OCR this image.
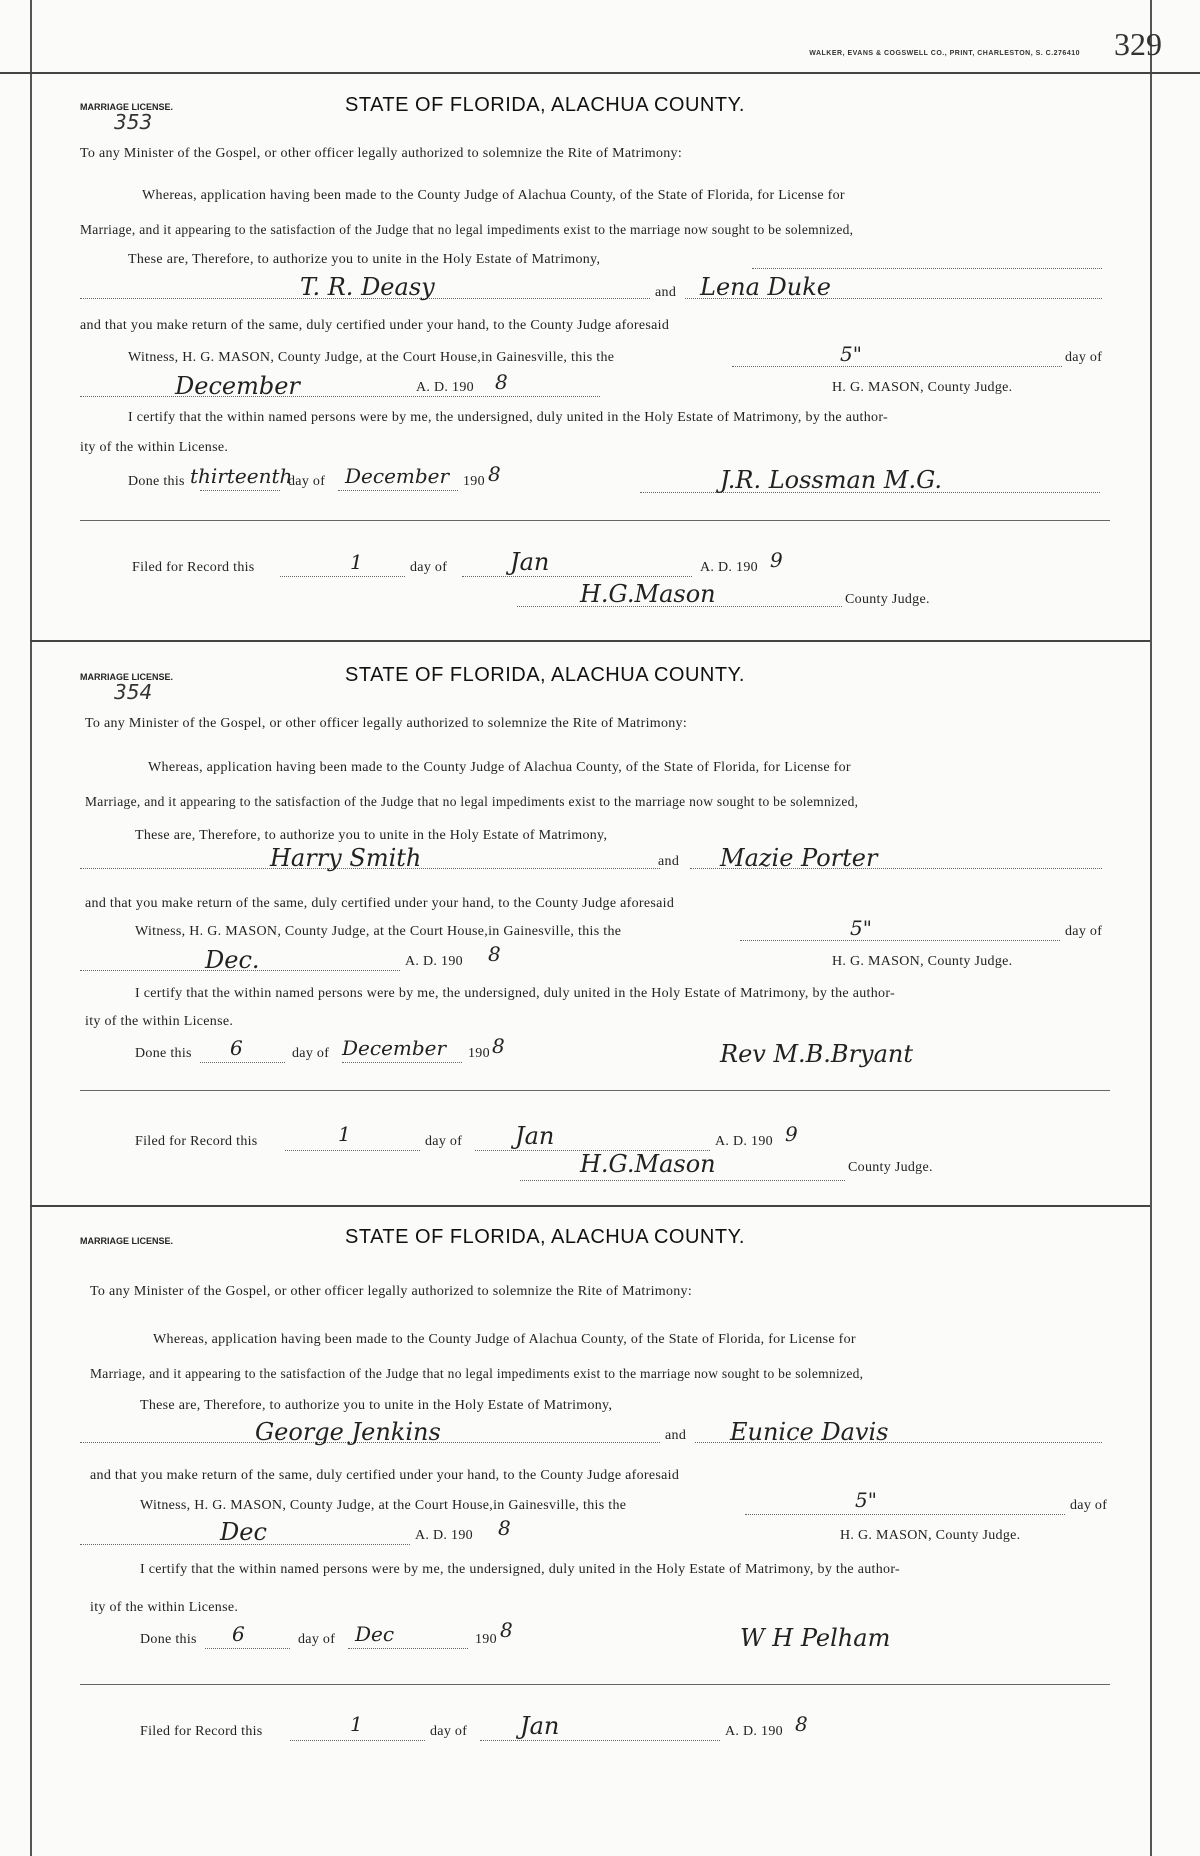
WALKER, EVANS & COGSWELL CO., PRINT, CHARLESTON, S. C.276410 329
MARRIAGE LICENSE.
353
STATE OF FLORIDA, ALACHUA COUNTY.
To any Minister of the Gospel, or other officer legally authorized to solemnize the Rite of Matrimony:
Whereas, application having been made to the County Judge of Alachua County, of the State of Florida, for License for
Marriage, and it appearing to the satisfaction of the Judge that no legal impediments exist to the marriage now sought to be solemnized,
These are, Therefore, to authorize you to unite in the Holy Estate of Matrimony,
T. R. Deasy	and Lena Duke
and that you make return of the same, duly certified under your hand, to the County Judge aforesaid
Witness, H. G. MASON, County Judge, at the Court House,in Gainesville, this the	5"	day of
December	A. D. 190 8	H. G. MASON, County Judge.
I certify that the within named persons were by me, the undersigned, duly united in the Holy Estate of Matrimony, by the author-
ity of the within License.
Done this thirteenth
day of December 190 8	J.R. Lossman M.G.
Filed for Record this	1	day of	Jan	A. D. 190 9
H.G.Mason	County Judge.
MARRIAGE LICENSE.
354
STATE OF FLORIDA, ALACHUA COUNTY.
To any Minister of the Gospel, or other officer legally authorized to solemnize the Rite of Matrimony:
Whereas, application having been made to the County Judge of Alachua County, of the State of Florida, for License for
Marriage, and it appearing to the satisfaction of the Judge that no legal impediments exist to the marriage now sought to be solemnized,
These are, Therefore, to authorize you to unite in the Holy Estate of Matrimony,
Harry Smith	and Mazie Porter
and that you make return of the same, duly certified under your hand, to the County Judge aforesaid
Witness, H. G. MASON, County Judge, at the Court House,in Gainesville, this the	5"	day of
Dec.	A. D. 190 8	H. G. MASON, County Judge.
I certify that the within named persons were by me, the undersigned, duly united in the Holy Estate of Matrimony, by the author-
ity of the within License.
Done this 6	day of December 190 8	Rev M.B.Bryant
Filed for Record this	1	day of Jan	A. D. 190 9
H.G.Mason	County Judge.
MARRIAGE LICENSE.	STATE OF FLORIDA, ALACHUA COUNTY.
To any Minister of the Gospel, or other officer legally authorized to solemnize the Rite of Matrimony:
Whereas, application having been made to the County Judge of Alachua County, of the State of Florida, for License for
Marriage, and it appearing to the satisfaction of the Judge that no legal impediments exist to the marriage now sought to be solemnized,
These are, Therefore, to authorize you to unite in the Holy Estate of Matrimony,
George Jenkins	and Eunice Davis
and that you make return of the same, duly certified under your hand, to the County Judge aforesaid
Witness, H. G. MASON, County Judge, at the Court House,in Gainesville, this the	5"	day of
Dec	A. D. 190 8	H. G. MASON, County Judge.
I certify that the within named persons were by me, the undersigned, duly united in the Holy Estate of Matrimony, by the author-
ity of the within License.
Done this 6	day of Dec	190 8	W H Pelham
Filed for Record this	1	day of Jan	A. D. 190 8
